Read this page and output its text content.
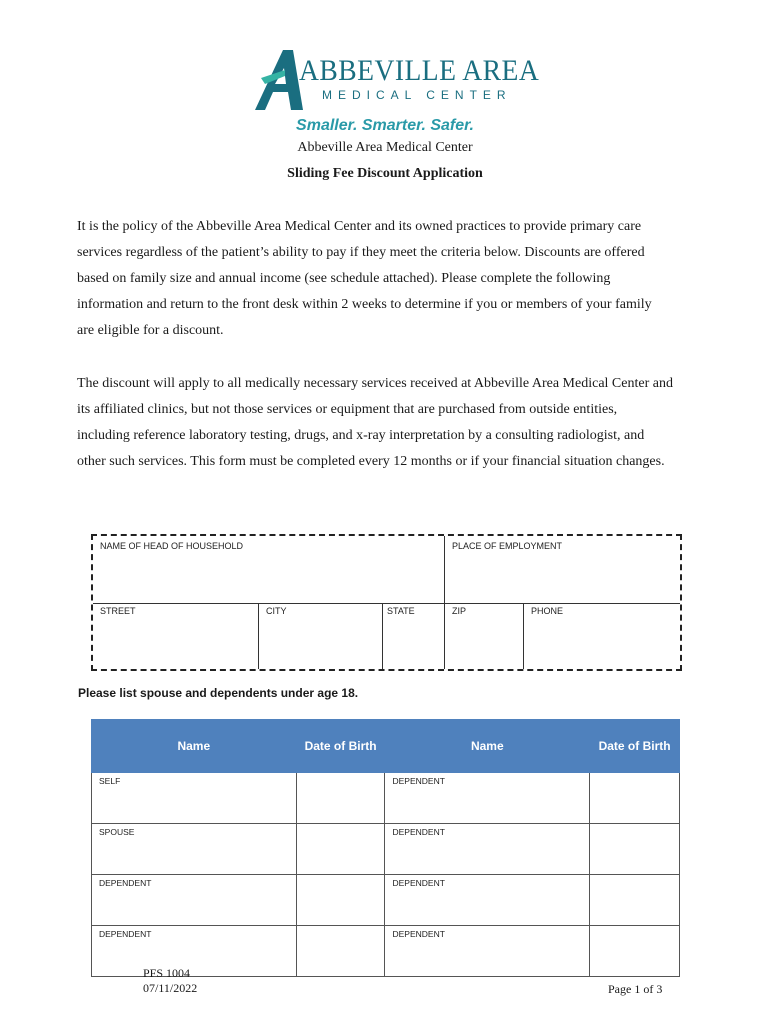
ABBEVILLE AREA
MEDICAL CENTER
Smaller. Smarter. Safer.
Abbeville Area Medical Center
Sliding Fee Discount Application
It is the policy of the Abbeville Area Medical Center and its owned practices to provide primary care
services regardless of the patient’s ability to pay if they meet the criteria below. Discounts are offered
based on family size and annual income (see schedule attached). Please complete the following
information and return to the front desk within 2 weeks to determine if you or members of your family
are eligible for a discount.
The discount will apply to all medically necessary services received at Abbeville Area Medical Center and
its affiliated clinics, but not those services or equipment that are purchased from outside entities,
including reference laboratory testing, drugs, and x-ray interpretation by a consulting radiologist, and
other such services. This form must be completed every 12 months or if your financial situation changes.
NAME OF HEAD OF HOUSEHOLD	PLACE OF EMPLOYMENT
STREET	CITY	STATE	ZIP	PHONE
Please list spouse and dependents under age 18.
Name	Date of Birth	Name	Date of Birth
SELF		DEPENDENT	
SPOUSE		DEPENDENT	
DEPENDENT		DEPENDENT	
DEPENDENT		DEPENDENT	
PFS 1004
07/11/2022	Page 1 of 3
